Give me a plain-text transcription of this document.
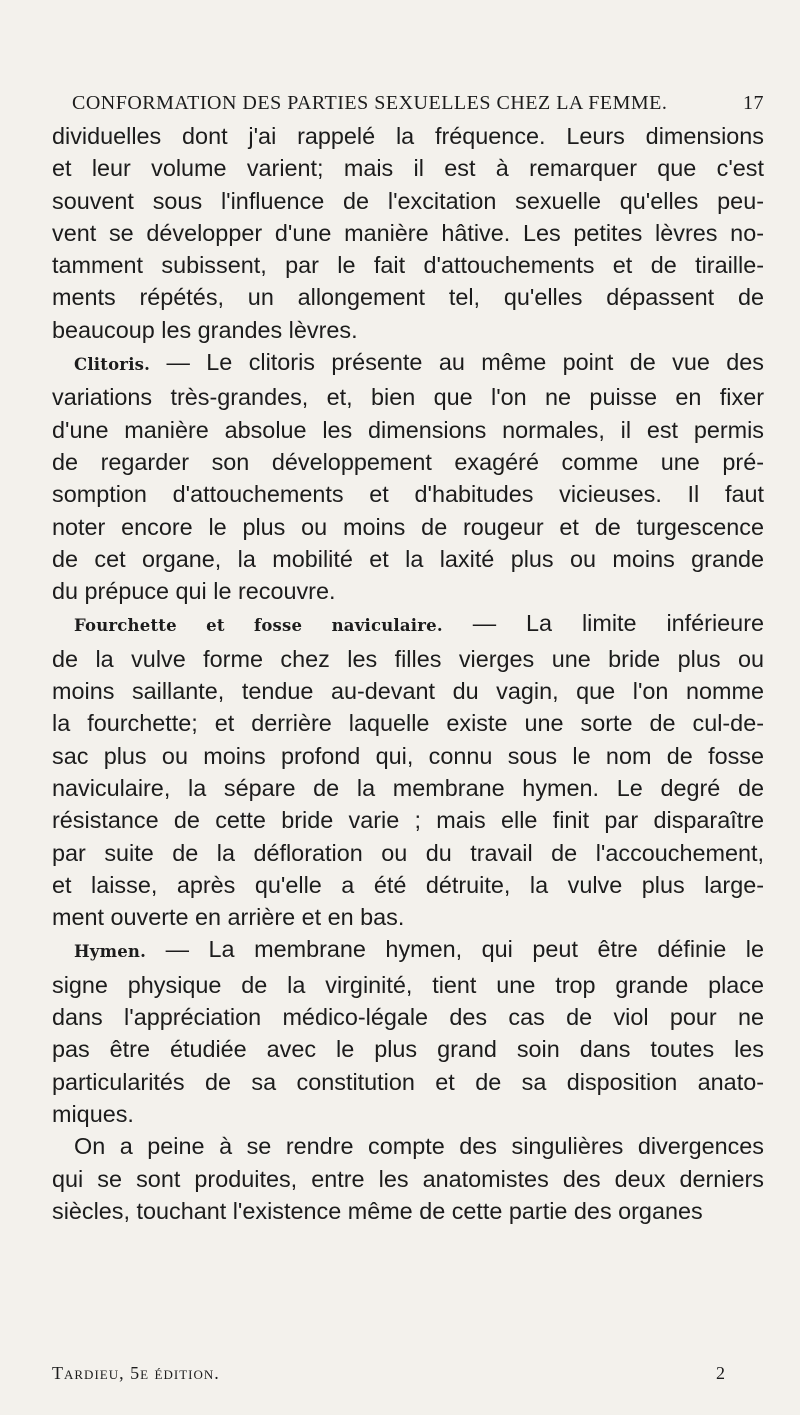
CONFORMATION DES PARTIES SEXUELLES CHEZ LA FEMME.	17
dividuelles dont j'ai rappelé la fréquence. Leurs dimensions
et leur volume varient; mais il est à remarquer que c'est
souvent sous l'influence de l'excitation sexuelle qu'elles peu-
vent se développer d'une manière hâtive. Les petites lèvres no-
tamment subissent, par le fait d'attouchements et de tiraille-
ments répétés, un allongement tel, qu'elles dépassent de
beaucoup les grandes lèvres.
Clitoris. — Le clitoris présente au même point de vue des
variations très-grandes, et, bien que l'on ne puisse en fixer
d'une manière absolue les dimensions normales, il est permis
de regarder son développement exagéré comme une pré-
somption d'attouchements et d'habitudes vicieuses. Il faut
noter encore le plus ou moins de rougeur et de turgescence
de cet organe, la mobilité et la laxité plus ou moins grande
du prépuce qui le recouvre.
Fourchette et fosse naviculaire. — La limite inférieure
de la vulve forme chez les filles vierges une bride plus ou
moins saillante, tendue au-devant du vagin, que l'on nomme
la fourchette; et derrière laquelle existe une sorte de cul-de-
sac plus ou moins profond qui, connu sous le nom de fosse
naviculaire, la sépare de la membrane hymen. Le degré de
résistance de cette bride varie ; mais elle finit par disparaître
par suite de la défloration ou du travail de l'accouchement,
et laisse, après qu'elle a été détruite, la vulve plus large-
ment ouverte en arrière et en bas.
Hymen. — La membrane hymen, qui peut être définie le
signe physique de la virginité, tient une trop grande place
dans l'appréciation médico-légale des cas de viol pour ne
pas être étudiée avec le plus grand soin dans toutes les
particularités de sa constitution et de sa disposition anato-
miques.
On a peine à se rendre compte des singulières divergences
qui se sont produites, entre les anatomistes des deux derniers
siècles, touchant l'existence même de cette partie des organes
Tardieu, 5e édition.	2
